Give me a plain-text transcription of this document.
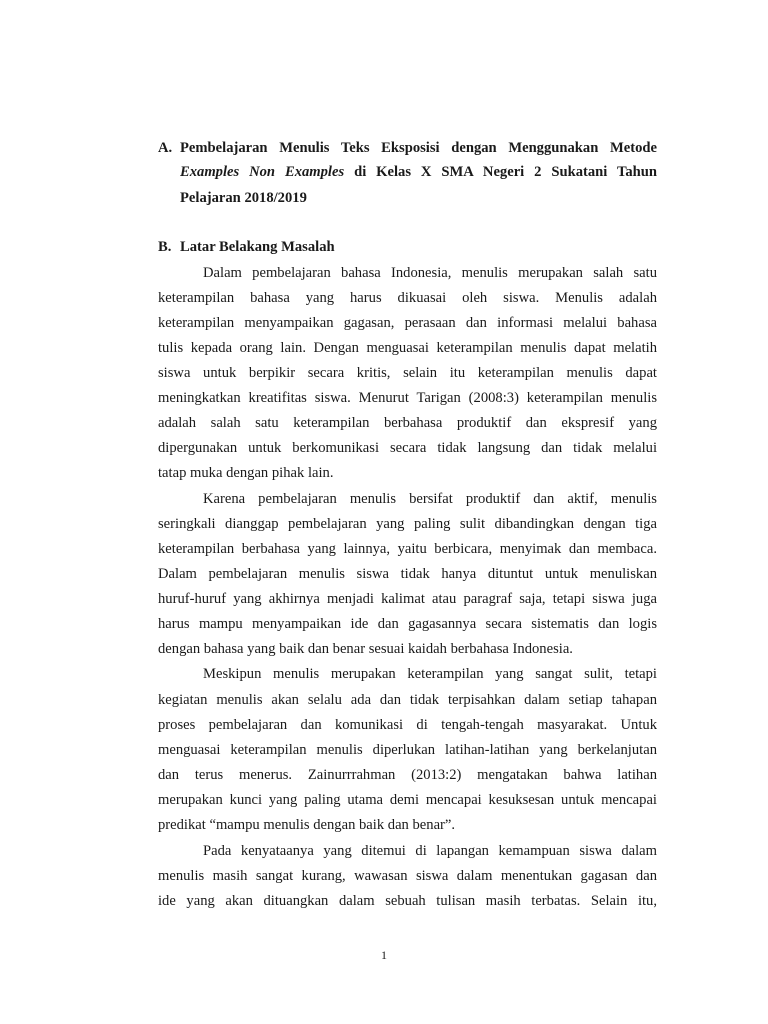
A. Pembelajaran Menulis Teks Eksposisi dengan Menggunakan Metode
Examples Non Examples di Kelas X SMA Negeri 2 Sukatani Tahun
Pelajaran 2018/2019
B. Latar Belakang Masalah
Dalam pembelajaran bahasa Indonesia, menulis merupakan salah satu
keterampilan bahasa yang harus dikuasai oleh siswa. Menulis adalah
keterampilan menyampaikan gagasan, perasaan dan informasi melalui bahasa
tulis kepada orang lain. Dengan menguasai keterampilan menulis dapat melatih
siswa untuk berpikir secara kritis, selain itu keterampilan menulis dapat
meningkatkan kreatifitas siswa. Menurut Tarigan (2008:3) keterampilan menulis
adalah salah satu keterampilan berbahasa produktif dan ekspresif yang
dipergunakan untuk berkomunikasi secara tidak langsung dan tidak melalui
tatap muka dengan pihak lain.
Karena pembelajaran menulis bersifat produktif dan aktif, menulis
seringkali dianggap pembelajaran yang paling sulit dibandingkan dengan tiga
keterampilan berbahasa yang lainnya, yaitu berbicara, menyimak dan membaca.
Dalam pembelajaran menulis siswa tidak hanya dituntut untuk menuliskan
huruf-huruf yang akhirnya menjadi kalimat atau paragraf saja, tetapi siswa juga
harus mampu menyampaikan ide dan gagasannya secara sistematis dan logis
dengan bahasa yang baik dan benar sesuai kaidah berbahasa Indonesia.
Meskipun menulis merupakan keterampilan yang sangat sulit, tetapi
kegiatan menulis akan selalu ada dan tidak terpisahkan dalam setiap tahapan
proses pembelajaran dan komunikasi di tengah-tengah masyarakat. Untuk
menguasai keterampilan menulis diperlukan latihan-latihan yang berkelanjutan
dan terus menerus. Zainurrrahman (2013:2) mengatakan bahwa latihan
merupakan kunci yang paling utama demi mencapai kesuksesan untuk mencapai
predikat “mampu menulis dengan baik dan benar”.
Pada kenyataanya yang ditemui di lapangan kemampuan siswa dalam
menulis masih sangat kurang, wawasan siswa dalam menentukan gagasan dan
ide yang akan dituangkan dalam sebuah tulisan masih terbatas. Selain itu,
1
